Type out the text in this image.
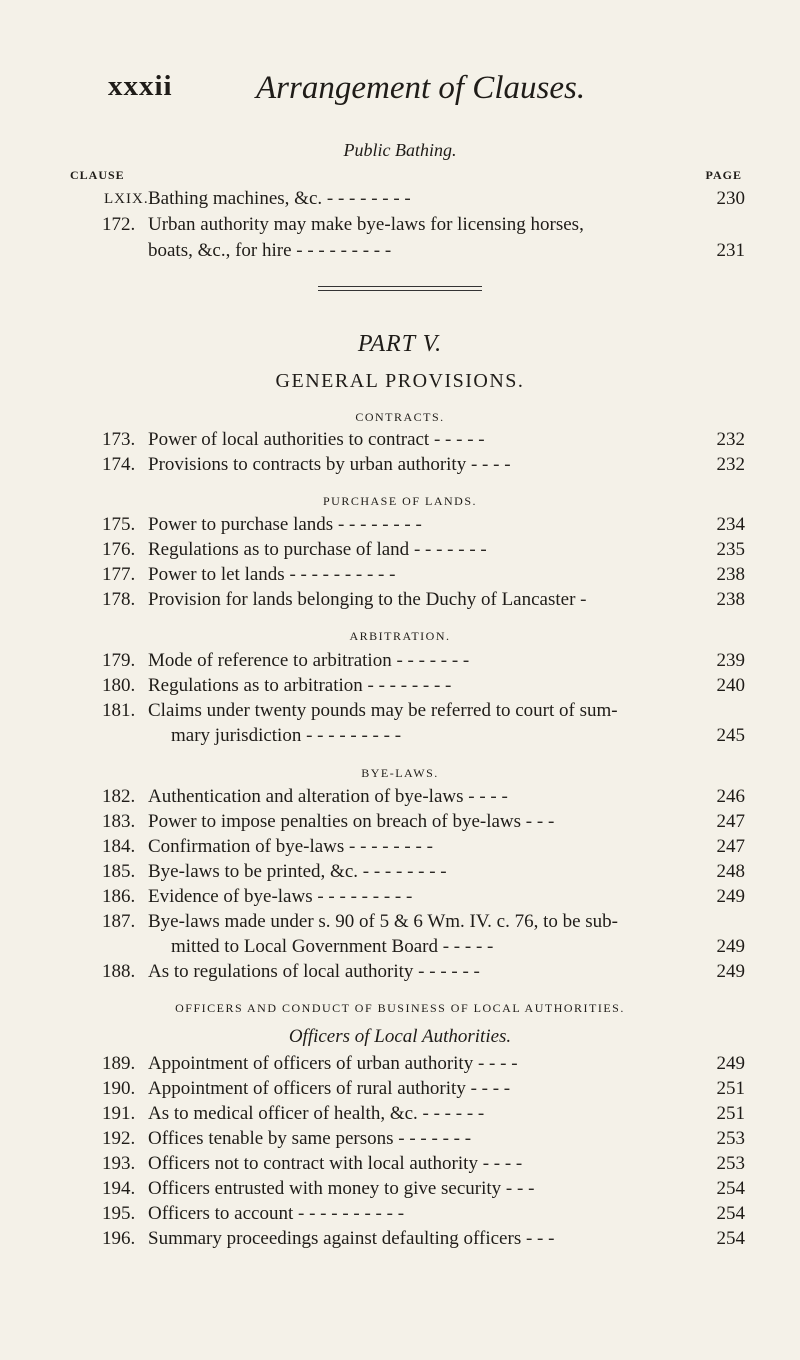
xxxii	Arrangement of Clauses.
Public Bathing.
CLAUSE	PAGE
LXIX. Bathing machines, &c. - - - - - - - -	230
172. Urban authority may make bye-laws for licensing horses,
boats, &c., for hire - - - - - - - - -	231
PART V.
GENERAL PROVISIONS.
CONTRACTS.
173. Power of local authorities to contract - - - - -	232
174. Provisions to contracts by urban authority - - - -	232
PURCHASE OF LANDS.
175. Power to purchase lands - - - - - - - -	234
176. Regulations as to purchase of land - - - - - - -	235
177. Power to let lands - - - - - - - - - -	238
178. Provision for lands belonging to the Duchy of Lancaster -	238
ARBITRATION.
179. Mode of reference to arbitration - - - - - - -	239
180. Regulations as to arbitration - - - - - - - -	240
181. Claims under twenty pounds may be referred to court of sum-
mary jurisdiction - - - - - - - - -	245
BYE-LAWS.
182. Authentication and alteration of bye-laws - - - -	246
183. Power to impose penalties on breach of bye-laws - - -	247
184. Confirmation of bye-laws - - - - - - - -	247
185. Bye-laws to be printed, &c. - - - - - - - -	248
186. Evidence of bye-laws - - - - - - - - -	249
187. Bye-laws made under s. 90 of 5 & 6 Wm. IV. c. 76, to be sub-
mitted to Local Government Board - - - - -	249
188. As to regulations of local authority - - - - - -	249
OFFICERS AND CONDUCT OF BUSINESS OF LOCAL AUTHORITIES.
Officers of Local Authorities.
189. Appointment of officers of urban authority - - - -	249
190. Appointment of officers of rural authority - - - -	251
191. As to medical officer of health, &c. - - - - - -	251
192. Offices tenable by same persons - - - - - - -	253
193. Officers not to contract with local authority - - - -	253
194. Officers entrusted with money to give security - - -	254
195. Officers to account - - - - - - - - - -	254
196. Summary proceedings against defaulting officers - - -	254
